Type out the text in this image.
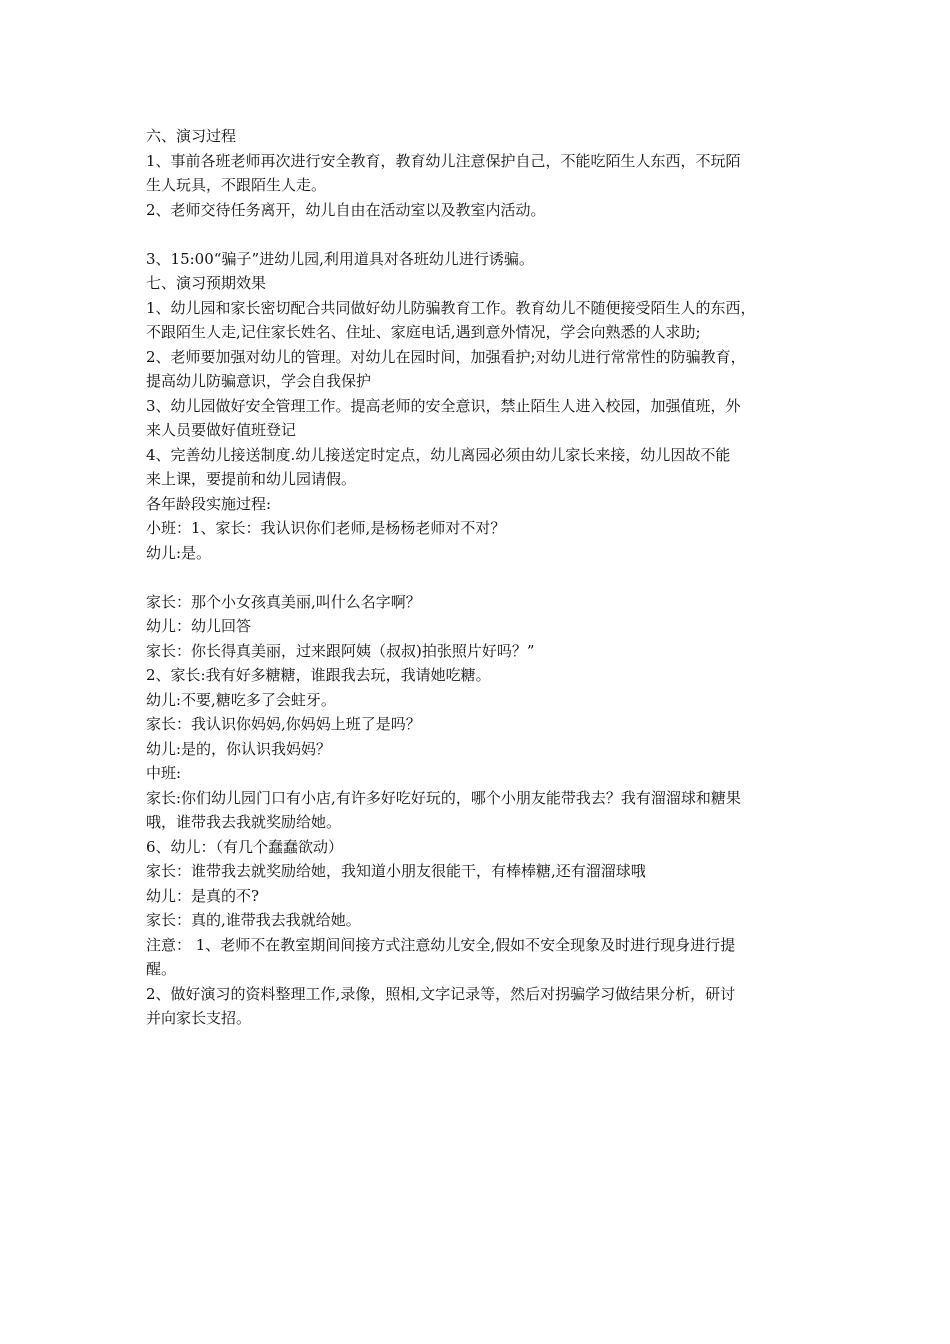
六、演习过程

1、事前各班老师再次进行安全教育，教育幼儿注意保护自己，不能吃陌生人东西，不玩陌

生人玩具，不跟陌生人走。

2、老师交待任务离开，幼儿自由在活动室以及教室内活动。

3、15:00“骗子”进幼儿园,利用道具对各班幼儿进行诱骗。

七、演习预期效果

1、幼儿园和家长密切配合共同做好幼儿防骗教育工作。教育幼儿不随便接受陌生人的东西，

不跟陌生人走,记住家长姓名、住址、家庭电话,遇到意外情况，学会向熟悉的人求助;

2、老师要加强对幼儿的管理。对幼儿在园时间，加强看护;对幼儿进行常常性的防骗教育，

提高幼儿防骗意识，学会自我保护

3、幼儿园做好安全管理工作。提高老师的安全意识，禁止陌生人进入校园，加强值班，外

来人员要做好值班登记

4、完善幼儿接送制度.幼儿接送定时定点，幼儿离园必须由幼儿家长来接，幼儿因故不能

来上课，要提前和幼儿园请假。

各年龄段实施过程:

小班：1、家长：我认识你们老师,是杨杨老师对不对？

幼儿:是。

家长：那个小女孩真美丽,叫什么名字啊？

幼儿：幼儿回答

家长：你长得真美丽，过来跟阿姨（叔叔)拍张照片好吗？”

2、家长:我有好多糖糖，谁跟我去玩，我请她吃糖。

幼儿:不要,糖吃多了会蛀牙。

家长：我认识你妈妈,你妈妈上班了是吗？

幼儿:是的，你认识我妈妈？

中班:

家长:你们幼儿园门口有小店,有许多好吃好玩的，哪个小朋友能带我去？我有溜溜球和糖果

哦，谁带我去我就奖励给她。

6、幼儿：（有几个蠢蠢欲动）

家长：谁带我去就奖励给她，我知道小朋友很能干，有棒棒糖,还有溜溜球哦

幼儿：是真的不?

家长：真的,谁带我去我就给她。

注意： 1、老师不在教室期间间接方式注意幼儿安全,假如不安全现象及时进行现身进行提

醒。

2、做好演习的资料整理工作,录像，照相,文字记录等，然后对拐骗学习做结果分析，研讨

并向家长支招。
